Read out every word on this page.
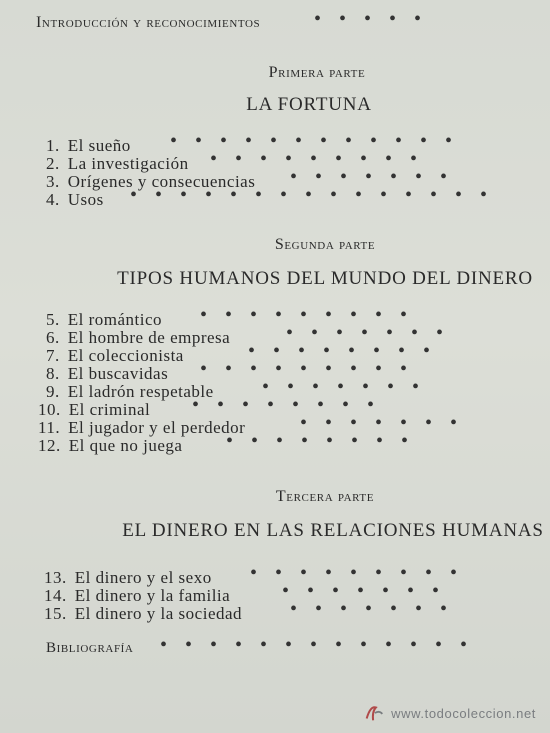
Introducción y reconocimientos	•••••
Primera parte
LA FORTUNA
1. El sueño
2. La investigación
3. Orígenes y consecuencias
4. Usos
••••••••••••
•••••••••
•••••••
•••••••••••••••
Segunda parte
TIPOS HUMANOS DEL MUNDO DEL DINERO
5. El romántico
6. El hombre de empresa
7. El coleccionista
8. El buscavidas
9. El ladrón respetable
10. El criminal
11. El jugador y el perdedor
12. El que no juega
•••••••••
•••••••
••••••••
•••••••••
•••••••
••••••••
•••••••
••••••••
Tercera parte
EL DINERO EN LAS RELACIONES HUMANAS
13. El dinero y el sexo
14. El dinero y la familia
15. El dinero y la sociedad
•••••••••
•••••••
•••••••
Bibliografía •••••••••••••
www.todocoleccion.net
